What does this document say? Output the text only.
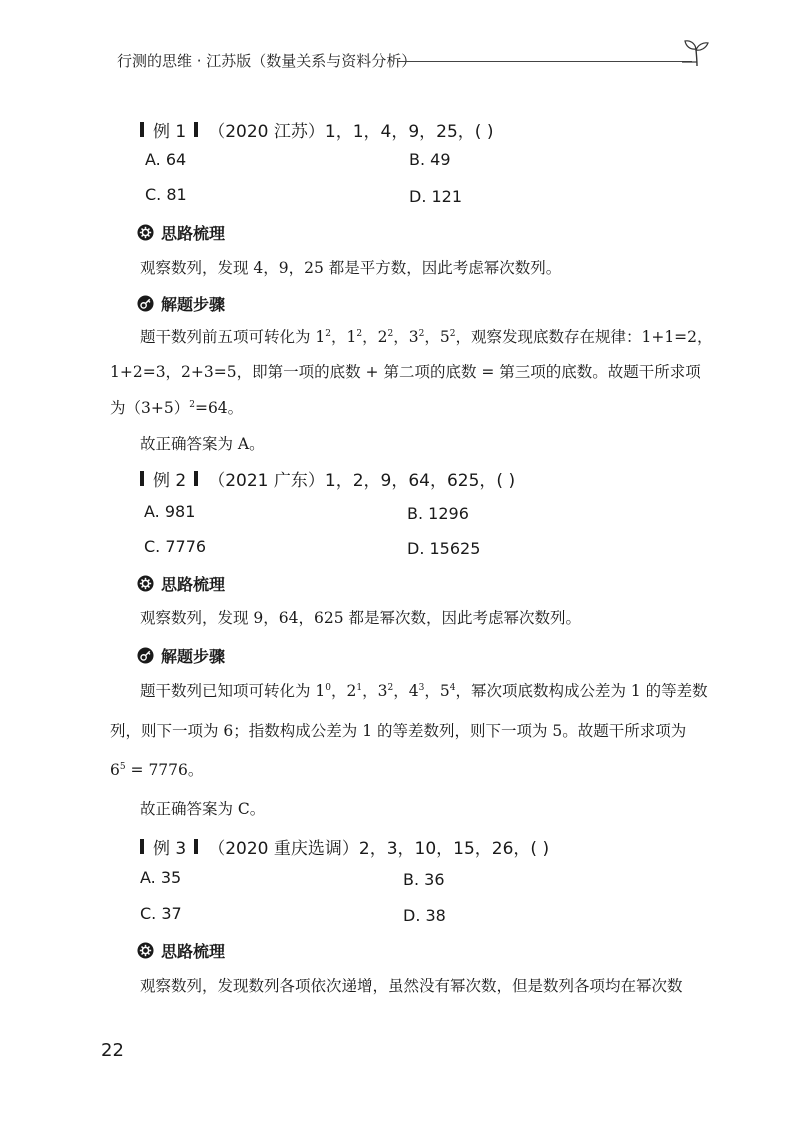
行测的思维 · 江苏版（数量关系与资料分析）
例 1 （2020 江苏） 1，1，4，9，25，( )
A. 64	B. 49
C. 81	D. 121
思路梳理
观察数列，发现 4，9，25 都是平方数，因此考虑幂次数列。
解题步骤
题干数列前五项可转化为 $1^2$，$1^2$，$2^2$，$3^2$，$5^2$，观察发现底数存在规律：1+1=2，
1+2=3，2+3=5，即第一项的底数 + 第二项的底数 = 第三项的底数。故题干所求项
为$(3+5)^2=64$。
故正确答案为 A。
例 2 （2021 广东） 1，2，9，64，625，( )
A. 981	B. 1296
C. 7776	D. 15625
思路梳理
观察数列，发现 9，64，625 都是幂次数，因此考虑幂次数列。
解题步骤
题干数列已知项可转化为 $1^0$，$2^1$，$3^2$，$4^3$，$5^4$，幂次项底数构成公差为 1 的等差数
列，则下一项为 6；指数构成公差为 1 的等差数列，则下一项为 5。故题干所求项为
$6^5 = 7776$。
故正确答案为 C。
例 3 （2020 重庆选调） 2，3，10，15，26，( )
A. 35	B. 36
C. 37	D. 38
思路梳理
观察数列，发现数列各项依次递增，虽然没有幂次数，但是数列各项均在幂次数
22
